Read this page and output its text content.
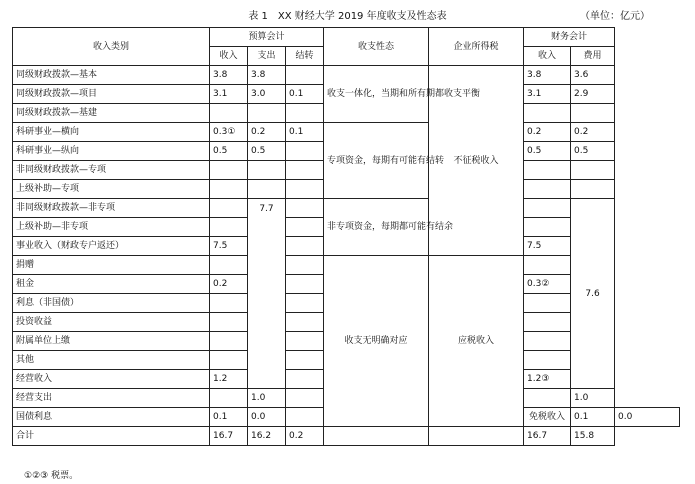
表 1　XX 财经大学 2019 年度收支及性态表	（单位：亿元）
收入类别	预算会计			收支性态	企业所得税	财务会计		
	收入	支出	结转			收入	费用	
同级财政拨款—基本	3.8	3.8		收支一体化，当期和所有期都收支平衡	不征税收入	3.8	3.6	
同级财政拨款—项目	3.1	3.0	0.1			3.1	2.9	
同级财政拨款—基建								
科研事业—横向	0.3①	0.2	0.1	专项资金，每期有可能有结转		0.2	0.2	
科研事业—纵向	0.5	0.5				0.5	0.5	
非同级财政拨款—专项								
上级补助—专项								
非同级财政拨款—非专项		7.7		非专项资金，每期都可能有结余			7.6	
上级补助—非专项								
事业收入（财政专户返还）	7.5					7.5		
捐赠				收支无明确对应	应税收入			
租金	0.2					0.3②		
利息（非国债）								
投资收益								
附属单位上缴								
其他								
经营收入	1.2					1.2③		
经营支出		1.0					1.0	
国债利息	0.1	0.0				免税收入	0.1	0.0
合计	16.7	16.2	0.2			16.7	15.8	
①②③ 税票。
